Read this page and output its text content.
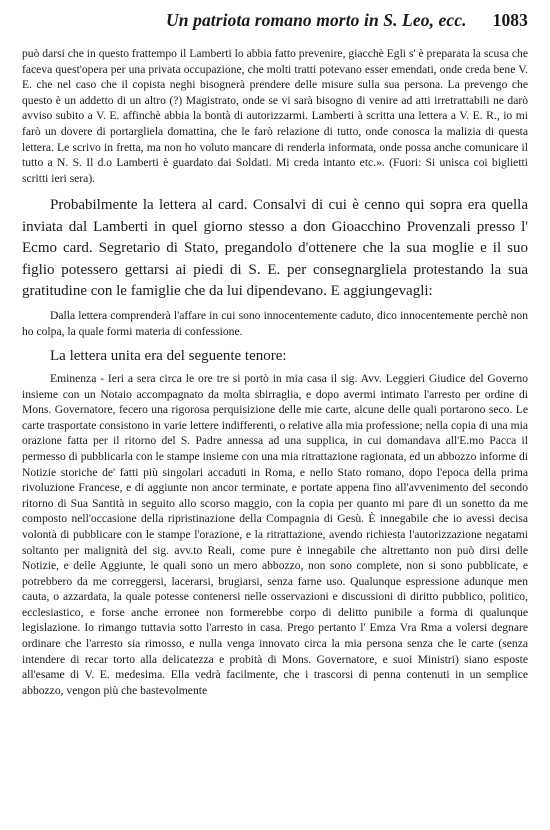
Un patriota romano morto in S. Leo, ecc. 1083

può darsi che in questo frattempo il Lamberti lo abbia fatto prevenire, giacchè Egli s' è preparata la scusa che faceva quest'opera per una privata occupazione, che molti tratti potevano esser emendati, onde creda bene V. E. che nel caso che il copista neghi bisognerà prendere delle misure sulla sua persona. La prevengo che questo è un addetto di un altro (?) Magistrato, onde se vi sarà bisogno di venire ad atti irretrattabili ne darò avviso subito a V. E. affinchè abbia la bontà di autorizzarmi. Lamberti à scritta una lettera a V. E. R., io mi farò un dovere di portargliela domattina, che le farò relazione di tutto, onde conosca la malizia di questa lettera. Le scrivo in fretta, ma non ho voluto mancare di renderla informata, onde possa anche comunicare il tutto a N. S. Il d.o Lamberti è guardato dai Soldati. Mi creda intanto etc.». (Fuori: Si unisca coi biglietti scritti ieri sera).

Probabilmente la lettera al card. Consalvi di cui è cenno qui sopra era quella inviata dal Lamberti in quel giorno stesso a don Gioacchino Provenzali presso l' Ecmo card. Segretario di Stato, pregandolo d'ottenere che la sua moglie e il suo figlio potessero gettarsi ai piedi di S. E. per consegnargliela protestando la sua gratitudine con le famiglie che da lui dipendevano. E aggiungevagli:

Dalla lettera comprenderà l'affare in cui sono innocentemente caduto, dico innocentemente perchè non ho colpa, la quale formi materia di confessione.

La lettera unita era del seguente tenore:

Eminenza - Ieri a sera circa le ore tre si portò in mia casa il sig. Avv. Leggieri Giudice del Governo insieme con un Notaio accompagnato da molta sbirraglia, e dopo avermi intimato l'arresto per ordine di Mons. Governatore, fecero una rigorosa perquisizione delle mie carte, alcune delle quali portarono seco. Le carte trasportate consistono in varie lettere indifferenti, o relative alla mia professione; nella copia di una mia orazione fatta per il ritorno del S. Padre annessa ad una supplica, in cui domandava all'E.mo Pacca il permesso di pubblicarla con le stampe insieme con una mia ritrattazione ragionata, ed un abbozzo informe di Notizie storiche de' fatti più singolari accaduti in Roma, e nello Stato romano, dopo l'epoca della prima rivoluzione Francese, e di aggiunte non ancor terminate, e portate appena fino all'avvenimento del secondo ritorno di Sua Santità in seguito allo scorso maggio, con la copia per quanto mi pare di un sonetto da me composto nell'occasione della ripristinazione della Compagnia di Gesù. È innegabile che io avessi decisa volontà di pubblicare con le stampe l'orazione, e la ritrattazione, avendo richiesta l'autorizzazione negatami soltanto per malignità del sig. avv.to Reali, come pure è innegabile che altrettanto non può dirsi delle Notizie, e delle Aggiunte, le quali sono un mero abbozzo, non sono complete, non si sono pubblicate, e potrebbero da me correggersi, lacerarsi, brugiarsi, senza farne uso. Qualunque espressione adunque men cauta, o azzardata, la quale potesse contenersi nelle osservazioni e discussioni di diritto pubblico, politico, ecclesiastico, e forse anche erronee non formerebbe corpo di delitto punibile a forma di qualunque legislazione. Io rimango tuttavia sotto l'arresto in casa. Prego pertanto l' Emza Vra Rma a volersi degnare ordinare che l'arresto sia rimosso, e nulla venga innovato circa la mia persona senza che le carte (senza intendere di recar torto alla delicatezza e probità di Mons. Governatore, e suoi Ministri) siano esposte all'esame di V. E. medesima. Ella vedrà facilmente, che i trascorsi di penna contenuti in un semplice abbozzo, vengon più che bastevolmente
